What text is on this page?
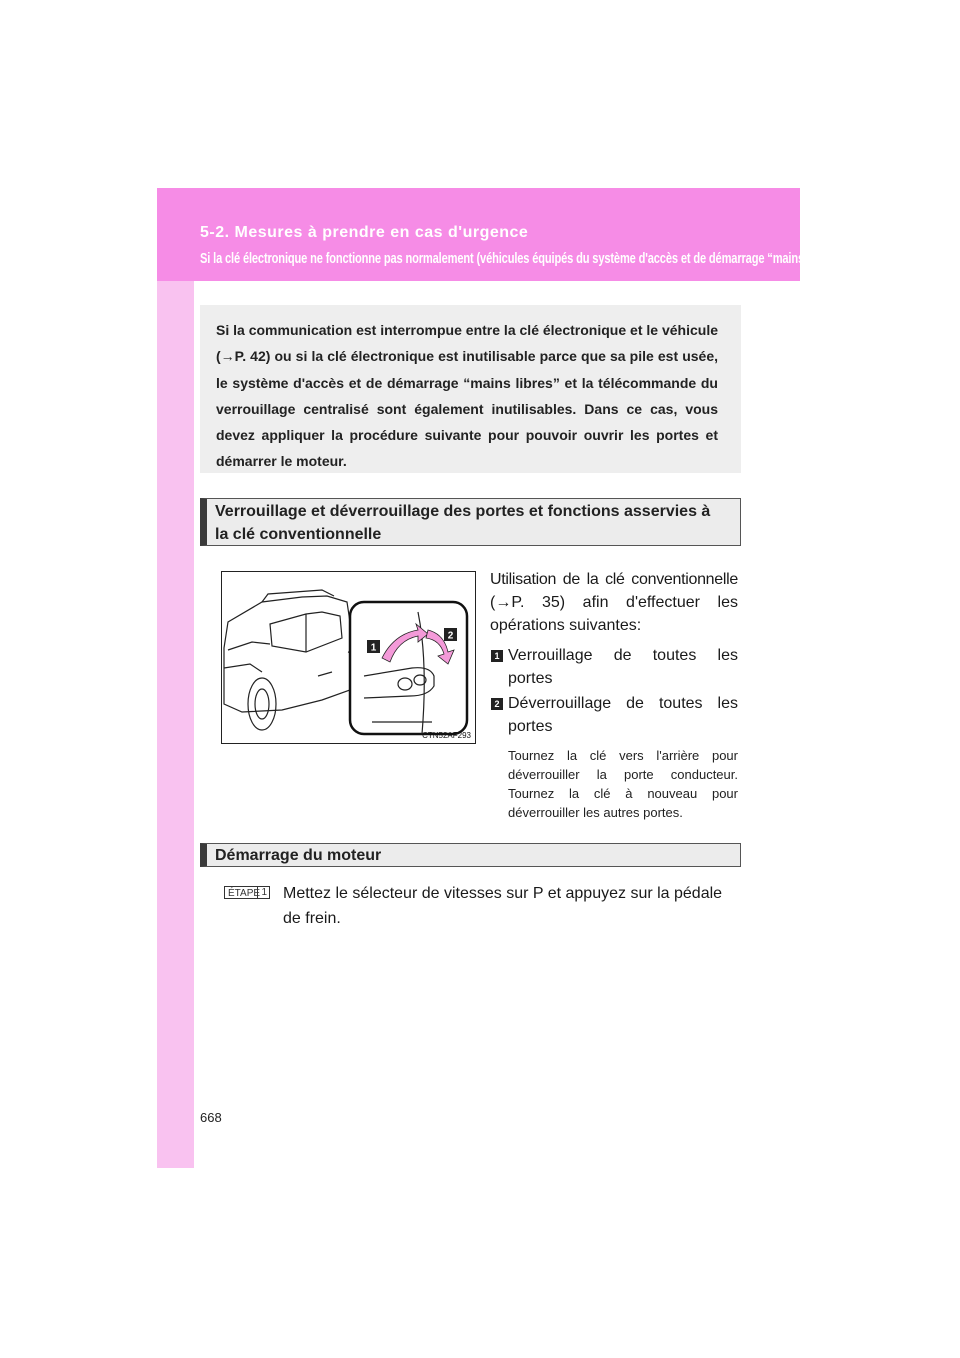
5-2. Mesures à prendre en cas d'urgence
Si la clé électronique ne fonctionne pas normalement (véhicules équipés du système d'accès et de démarrage “mains libres”)
Si la communication est interrompue entre la clé électronique et le véhicule (→P. 42) ou si la clé électronique est inutilisable parce que sa pile est usée, le système d'accès et de démarrage “mains libres” et la télécommande du verrouillage centralisé sont également inutilisables. Dans ce cas, vous devez appliquer la procédure suivante pour pouvoir ouvrir les portes et démarrer le moteur.
Verrouillage et déverrouillage des portes et fonctions asservies à
la clé conventionnelle
1
2
CTN52AF293
Utilisation de la clé conventionnelle
(→P. 35) afin d'effectuer les
opérations suivantes:
1 Verrouillage de toutes les
portes
2 Déverrouillage de toutes les
portes
Tournez la clé vers l'arrière pour déverrouiller la porte conducteur. Tournez la clé à nouveau pour déverrouiller les autres portes.
Démarrage du moteur
ÉTAPE 1 Mettez le sélecteur de vitesses sur P et appuyez sur la pédale de frein.
668
